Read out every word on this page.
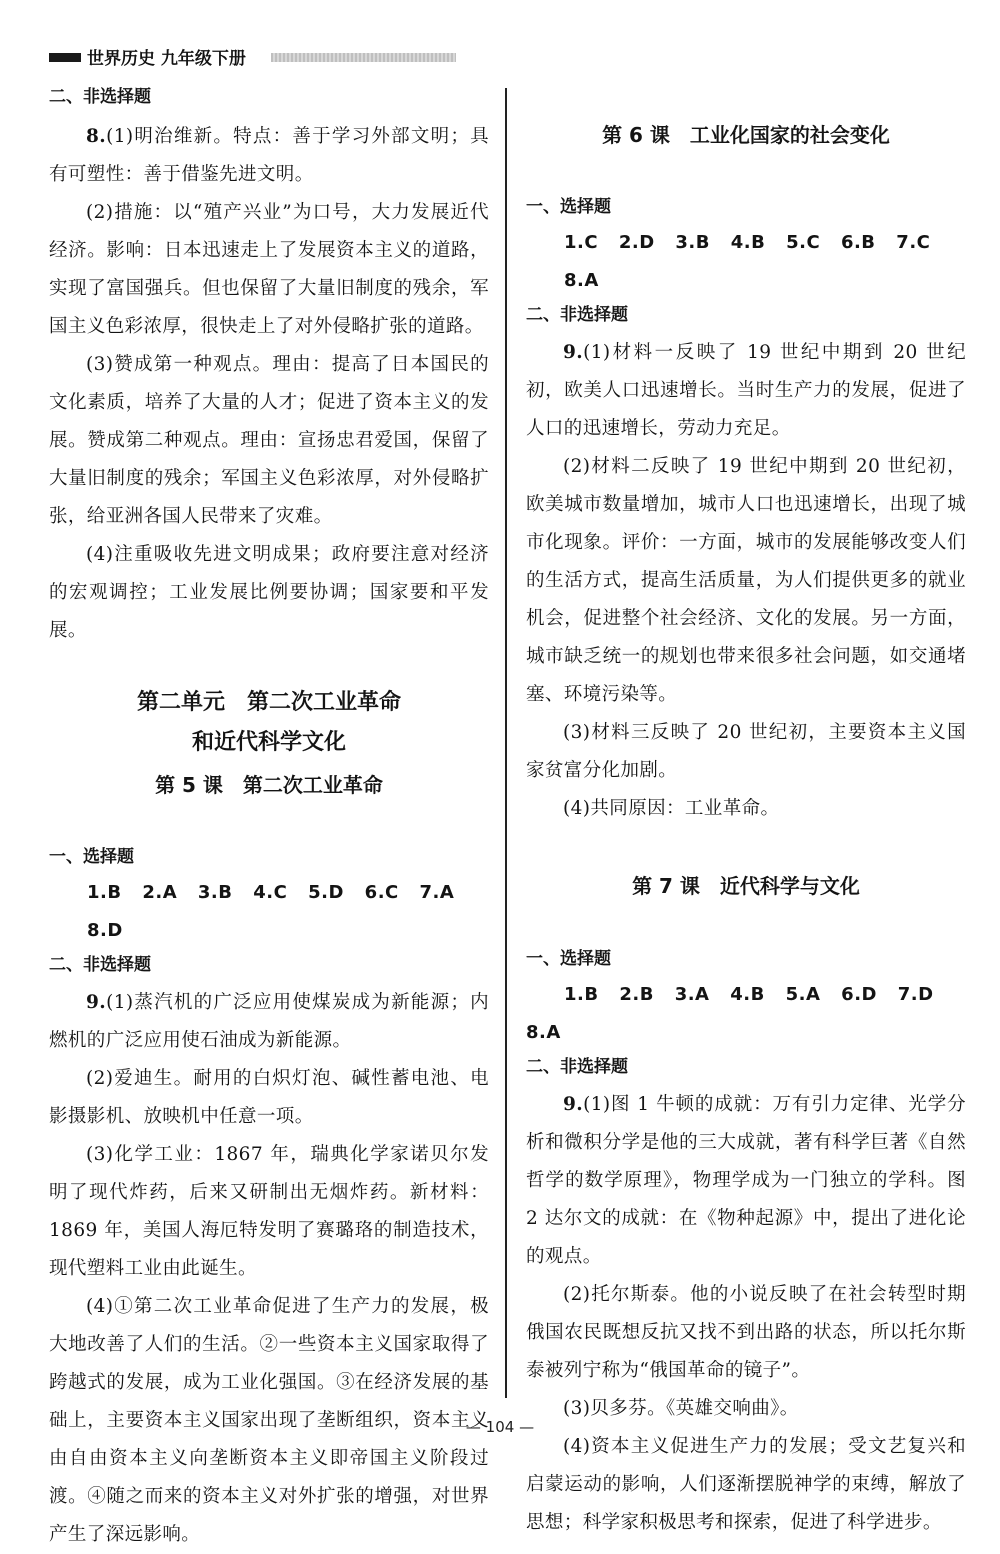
世界历史 九年级下册

二、非选择题

8.(1)明治维新。特点：善于学习外部文明；具有可塑性：善于借鉴先进文明。

(2)措施：以“殖产兴业”为口号，大力发展近代经济。影响：日本迅速走上了发展资本主义的道路，实现了富国强兵。但也保留了大量旧制度的残余，军国主义色彩浓厚，很快走上了对外侵略扩张的道路。

(3)赞成第一种观点。理由：提高了日本国民的文化素质，培养了大量的人才；促进了资本主义的发展。赞成第二种观点。理由：宣扬忠君爱国，保留了大量旧制度的残余；军国主义色彩浓厚，对外侵略扩张，给亚洲各国人民带来了灾难。

(4)注重吸收先进文明成果；政府要注意对经济的宏观调控；工业发展比例要协调；国家要和平发展。

第二单元　第二次工业革命

和近代科学文化

第 5 课　第二次工业革命

一、选择题

1.B 2.A 3.B 4.C 5.D 6.C 7.A 8.D

二、非选择题

9.(1)蒸汽机的广泛应用使煤炭成为新能源；内燃机的广泛应用使石油成为新能源。

(2)爱迪生。耐用的白炽灯泡、碱性蓄电池、电影摄影机、放映机中任意一项。

(3)化学工业：1867 年，瑞典化学家诺贝尔发明了现代炸药，后来又研制出无烟炸药。新材料：1869 年，美国人海厄特发明了赛璐珞的制造技术，现代塑料工业由此诞生。

(4)①第二次工业革命促进了生产力的发展，极大地改善了人们的生活。②一些资本主义国家取得了跨越式的发展，成为工业化强国。③在经济发展的基础上，主要资本主义国家出现了垄断组织，资本主义由自由资本主义向垄断资本主义即帝国主义阶段过渡。④随之而来的资本主义对外扩张的增强，对世界产生了深远影响。

第 6 课　工业化国家的社会变化

一、选择题

1.C 2.D 3.B 4.B 5.C 6.B 7.C 8.A

二、非选择题

9.(1)材料一反映了 19 世纪中期到 20 世纪初，欧美人口迅速增长。当时生产力的发展，促进了人口的迅速增长，劳动力充足。

(2)材料二反映了 19 世纪中期到 20 世纪初，欧美城市数量增加，城市人口也迅速增长，出现了城市化现象。评价：一方面，城市的发展能够改变人们的生活方式，提高生活质量，为人们提供更多的就业机会，促进整个社会经济、文化的发展。另一方面，城市缺乏统一的规划也带来很多社会问题，如交通堵塞、环境污染等。

(3)材料三反映了 20 世纪初，主要资本主义国家贫富分化加剧。

(4)共同原因：工业革命。

第 7 课　近代科学与文化

一、选择题

1.B 2.B 3.A 4.B 5.A 6.D 7.D

8.A

二、非选择题

9.(1)图 1 牛顿的成就：万有引力定律、光学分析和微积分学是他的三大成就，著有科学巨著《自然哲学的数学原理》，物理学成为一门独立的学科。图 2 达尔文的成就：在《物种起源》中，提出了进化论的观点。

(2)托尔斯泰。他的小说反映了在社会转型时期俄国农民既想反抗又找不到出路的状态，所以托尔斯泰被列宁称为“俄国革命的镜子”。

(3)贝多芬。《英雄交响曲》。

(4)资本主义促进生产力的发展；受文艺复兴和启蒙运动的影响，人们逐渐摆脱神学的束缚，解放了思想；科学家积极思考和探索，促进了科学进步。

— 104 —
